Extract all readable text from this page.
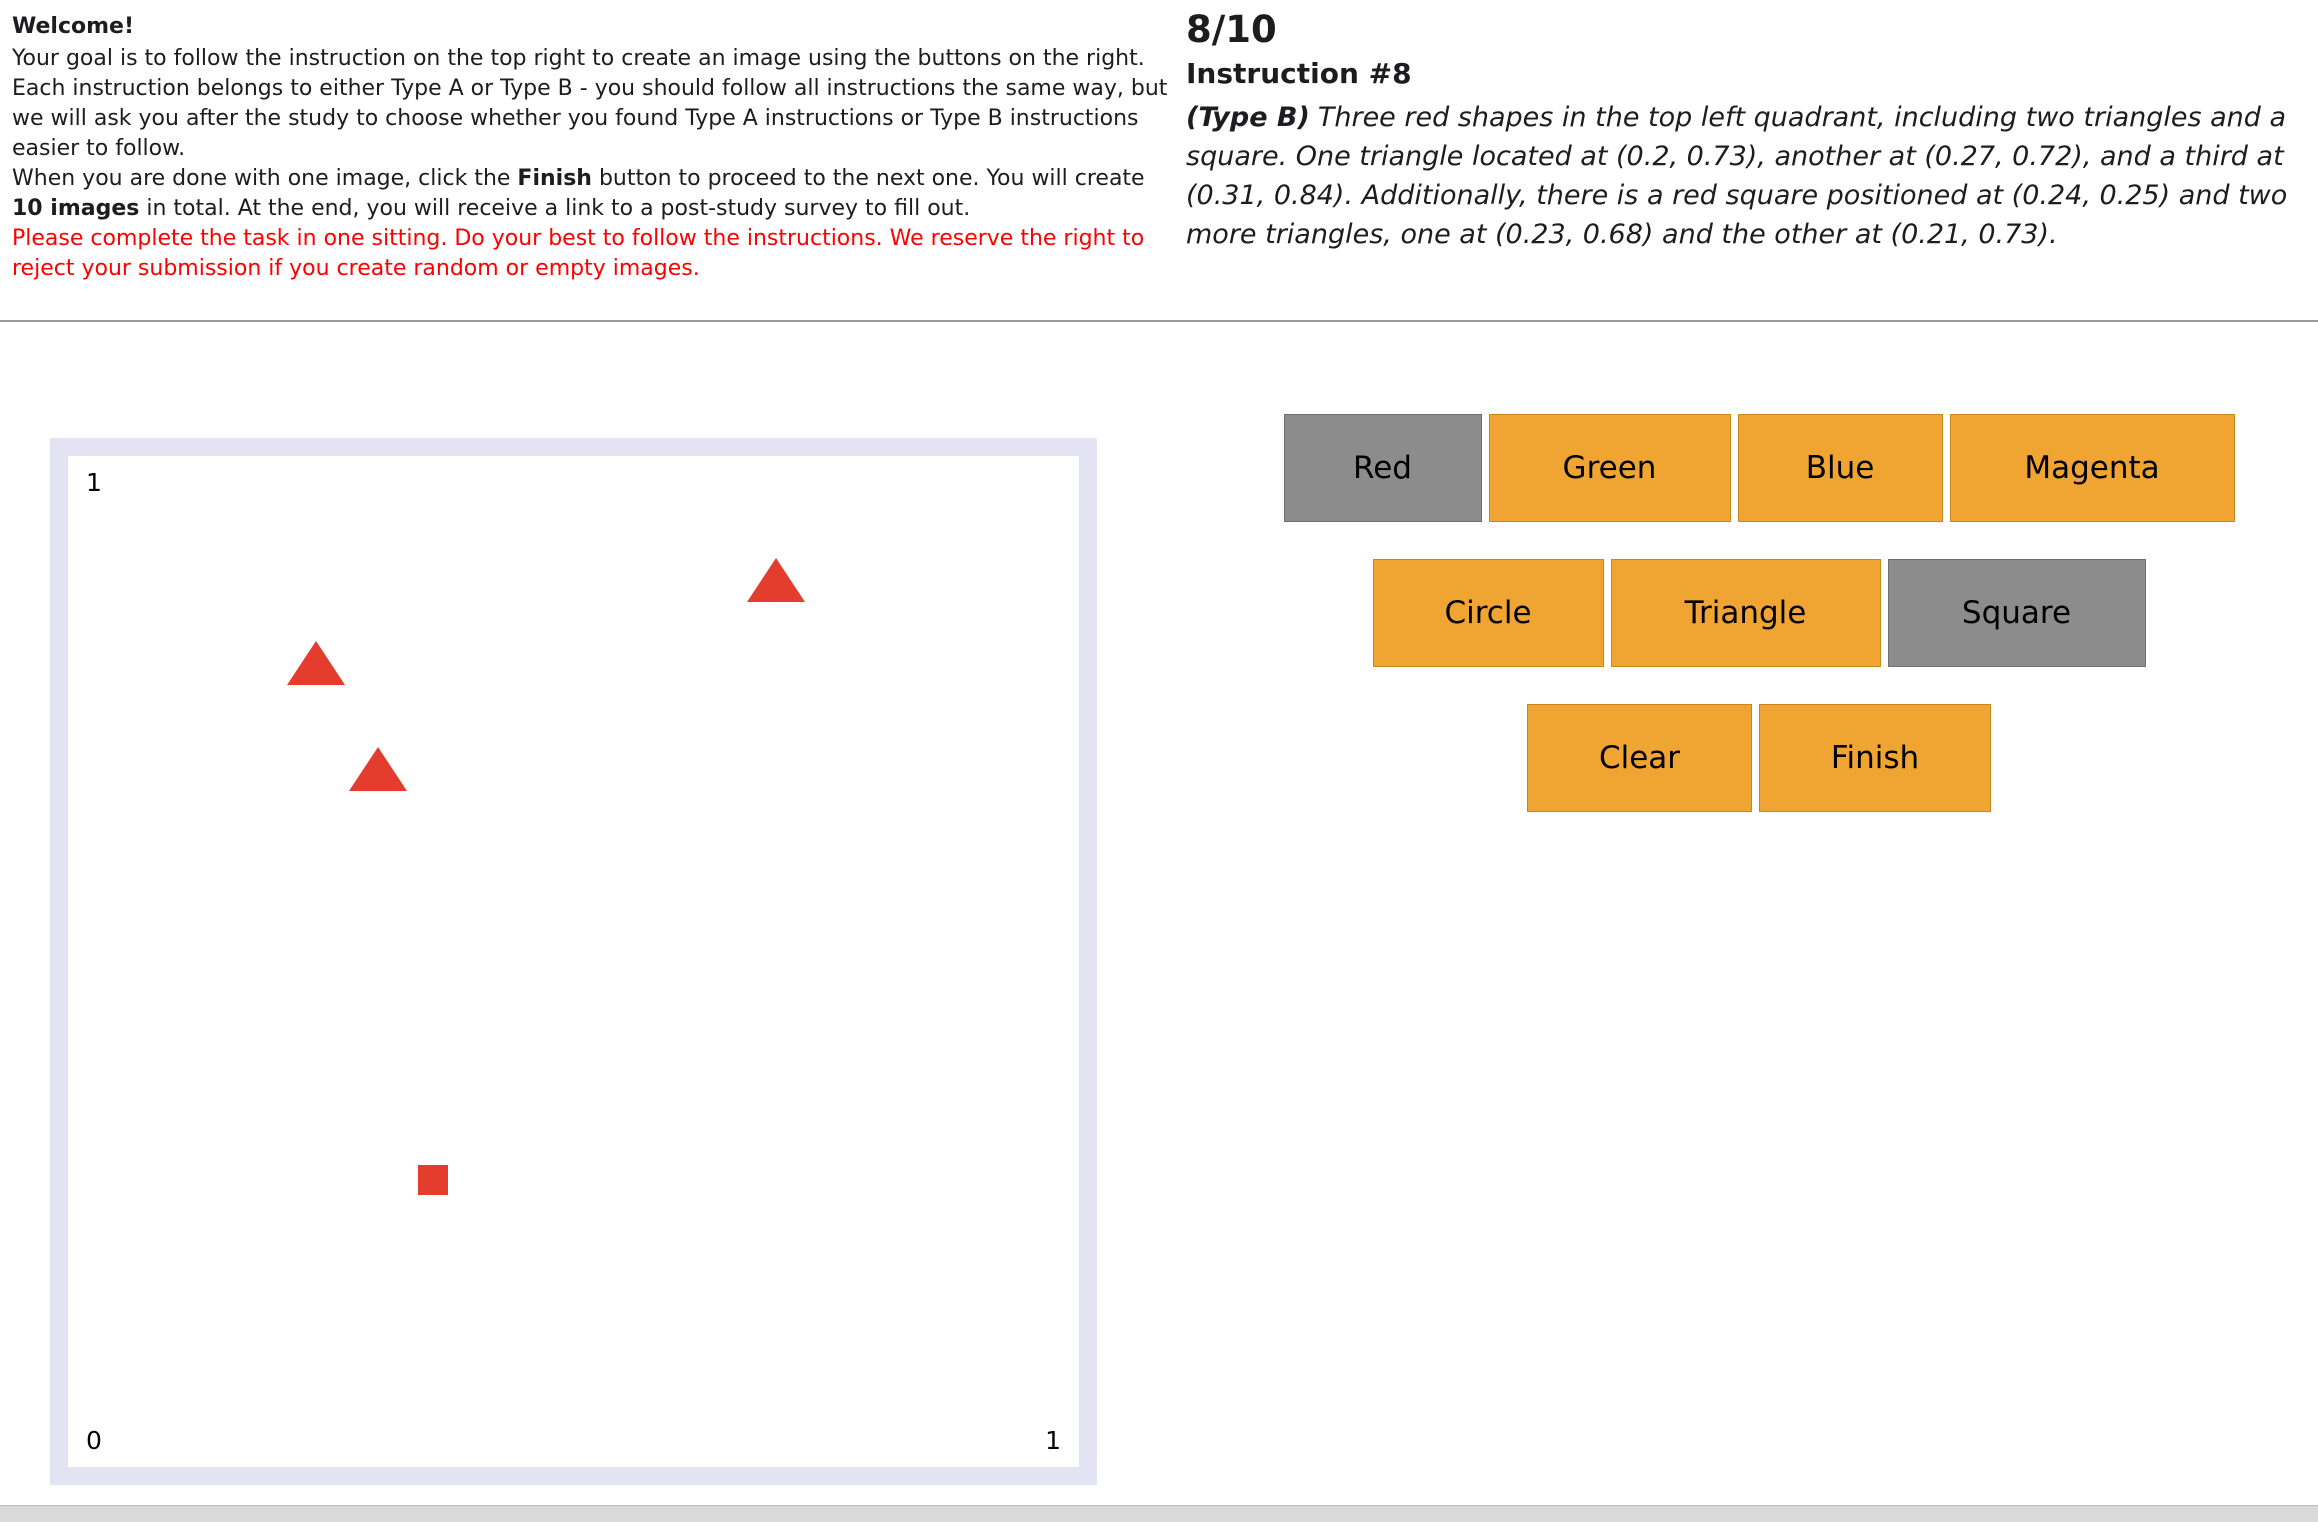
Welcome!

Your goal is to follow the instruction on the top right to create an image using the buttons on the right. Each instruction belongs to either Type A or Type B - you should follow all instructions the same way, but we will ask you after the study to choose whether you found Type A instructions or Type B instructions easier to follow.

When you are done with one image, click the Finish button to proceed to the next one. You will create 10 images in total. At the end, you will receive a link to a post-study survey to fill out.

Please complete the task in one sitting. Do your best to follow the instructions. We reserve the right to reject your submission if you create random or empty images.

8/10
Instruction #8

(Type B) Three red shapes in the top left quadrant, including two triangles and a square. One triangle located at (0.2, 0.73), another at (0.27, 0.72), and a third at (0.31, 0.84). Additionally, there is a red square positioned at (0.24, 0.25) and two more triangles, one at (0.23, 0.68) and the other at (0.21, 0.73).

1
0	1
Red	Green	Blue	Magenta
Circle	Triangle	Square
Clear	Finish
